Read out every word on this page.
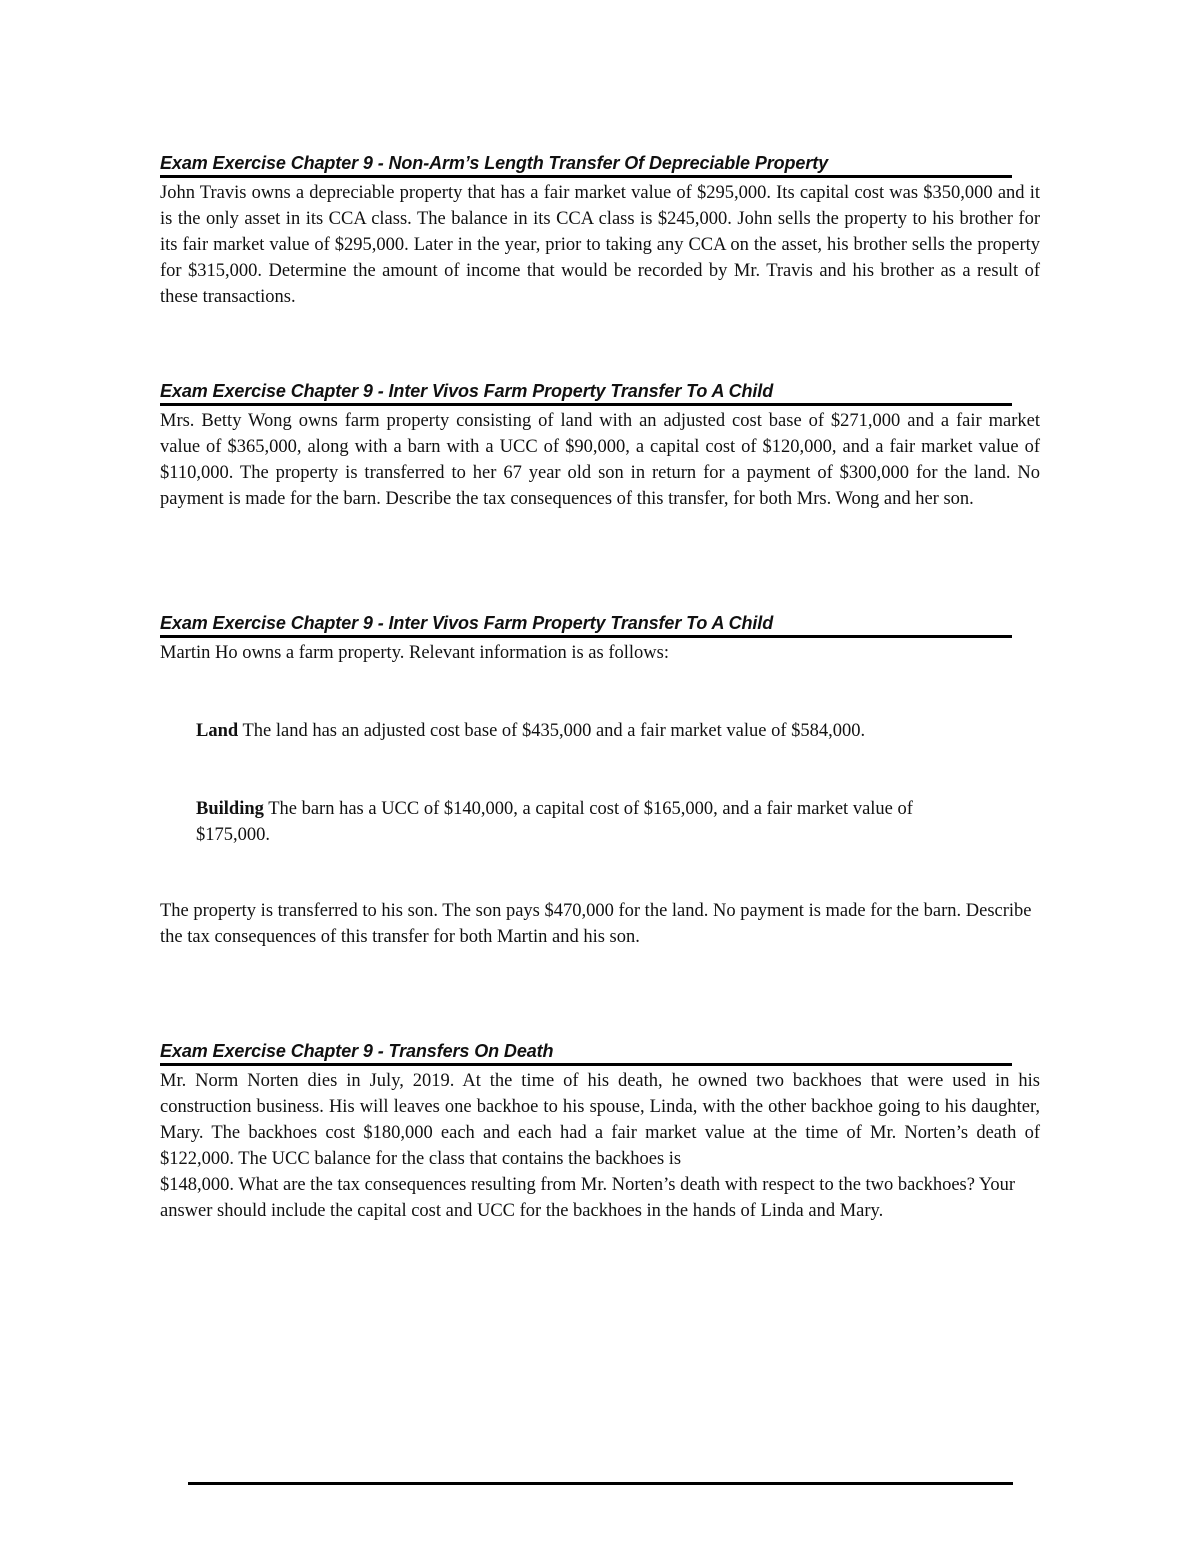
Exam Exercise Chapter 9 - Non-Arm’s Length Transfer Of Depreciable Property

John Travis owns a depreciable property that has a fair market value of $295,000. Its capital cost was $350,000 and it is the only asset in its CCA class. The balance in its CCA class is $245,000. John sells the property to his brother for its fair market value of $295,000. Later in the year, prior to taking any CCA on the asset, his brother sells the property for $315,000. Determine the amount of income that would be recorded by Mr. Travis and his brother as a result of these transactions.

Exam Exercise Chapter 9 - Inter Vivos Farm Property Transfer To A Child

Mrs. Betty Wong owns farm property consisting of land with an adjusted cost base of $271,000 and a fair market value of $365,000, along with a barn with a UCC of $90,000, a capital cost of $120,000, and a fair market value of $110,000. The property is transferred to her 67 year old son in return for a payment of $300,000 for the land. No payment is made for the barn. Describe the tax consequences of this transfer, for both Mrs. Wong and her son.

Exam Exercise Chapter 9 - Inter Vivos Farm Property Transfer To A Child

Martin Ho owns a farm property. Relevant information is as follows:

Land The land has an adjusted cost base of $435,000 and a fair market value of $584,000.
Building The barn has a UCC of $140,000, a capital cost of $165,000, and a fair market value of $175,000.

The property is transferred to his son. The son pays $470,000 for the land. No payment is made for the barn. Describe the tax consequences of this transfer for both Martin and his son.

Exam Exercise Chapter 9 - Transfers On Death

Mr. Norm Norten dies in July, 2019. At the time of his death, he owned two backhoes that were used in his construction business. His will leaves one backhoe to his spouse, Linda, with the other backhoe going to his daughter, Mary. The backhoes cost $180,000 each and each had a fair market value at the time of Mr. Norten’s death of $122,000. The UCC balance for the class that contains the backhoes is

$148,000. What are the tax consequences resulting from Mr. Norten’s death with respect to the two backhoes? Your answer should include the capital cost and UCC for the backhoes in the hands of Linda and Mary.
